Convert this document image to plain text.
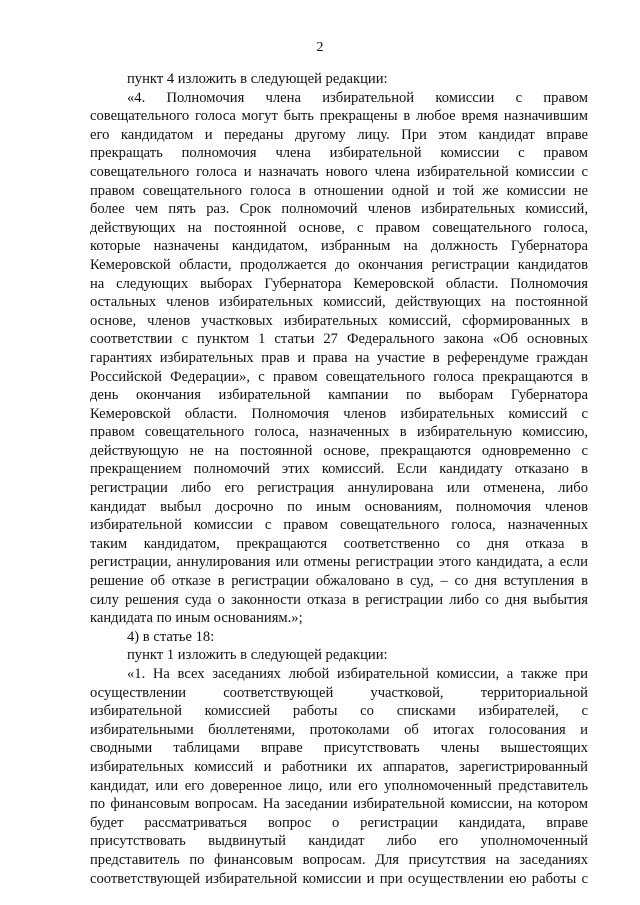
2
пункт 4 изложить в следующей редакции:
«4. Полномочия члена избирательной комиссии с правом
совещательного голоса могут быть прекращены в любое время назначившим
его кандидатом и переданы другому лицу. При этом кандидат вправе
прекращать полномочия члена избирательной комиссии с правом
совещательного голоса и назначать нового члена избирательной комиссии с
правом совещательного голоса в отношении одной и той же комиссии не
более чем пять раз. Срок полномочий членов избирательных комиссий,
действующих на постоянной основе, с правом совещательного голоса,
которые назначены кандидатом, избранным на должность Губернатора
Кемеровской области, продолжается до окончания регистрации кандидатов
на следующих выборах Губернатора Кемеровской области. Полномочия
остальных членов избирательных комиссий, действующих на постоянной
основе, членов участковых избирательных комиссий, сформированных в
соответствии с пунктом 1 статьи 27 Федерального закона «Об основных
гарантиях избирательных прав и права на участие в референдуме граждан
Российской Федерации», с правом совещательного голоса прекращаются в
день окончания избирательной кампании по выборам Губернатора
Кемеровской области. Полномочия членов избирательных комиссий с
правом совещательного голоса, назначенных в избирательную комиссию,
действующую не на постоянной основе, прекращаются одновременно с
прекращением полномочий этих комиссий. Если кандидату отказано в
регистрации либо его регистрация аннулирована или отменена, либо
кандидат выбыл досрочно по иным основаниям, полномочия членов
избирательной комиссии с правом совещательного голоса, назначенных
таким кандидатом, прекращаются соответственно со дня отказа в
регистрации, аннулирования или отмены регистрации этого кандидата, а если
решение об отказе в регистрации обжаловано в суд, – со дня вступления в
силу решения суда о законности отказа в регистрации либо со дня выбытия
кандидата по иным основаниям.»;
4) в статье 18:
пункт 1 изложить в следующей редакции:
«1. На всех заседаниях любой избирательной комиссии, а также при
осуществлении соответствующей участковой, территориальной
избирательной комиссией работы со списками избирателей, с
избирательными бюллетенями, протоколами об итогах голосования и
сводными таблицами вправе присутствовать члены вышестоящих
избирательных комиссий и работники их аппаратов, зарегистрированный
кандидат, или его доверенное лицо, или его уполномоченный представитель
по финансовым вопросам. На заседании избирательной комиссии, на котором
будет рассматриваться вопрос о регистрации кандидата, вправе
присутствовать выдвинутый кандидат либо его уполномоченный
представитель по финансовым вопросам. Для присутствия на заседаниях
соответствующей избирательной комиссии и при осуществлении ею работы с
